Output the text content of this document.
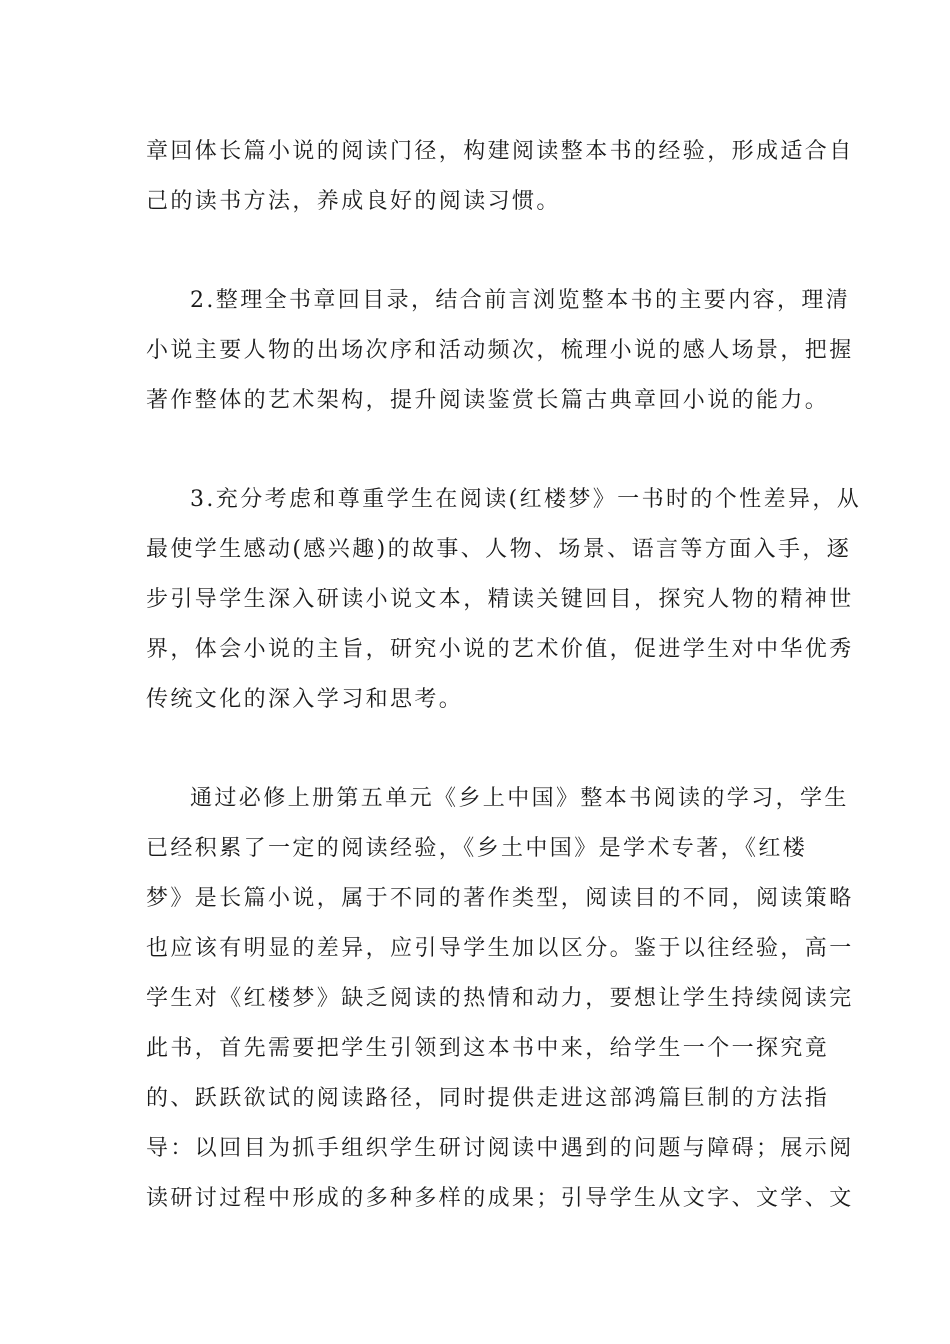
章回体长篇小说的阅读门径，构建阅读整本书的经验，形成适合自
己的读书方法，养成良好的阅读习惯。
2.整理全书章回目录，结合前言浏览整本书的主要内容，理清
小说主要人物的出场次序和活动频次，梳理小说的感人场景，把握
著作整体的艺术架构，提升阅读鉴赏长篇古典章回小说的能力。
3.充分考虑和尊重学生在阅读(红楼梦》一书时的个性差异，从
最使学生感动(感兴趣)的故事、人物、场景、语言等方面入手，逐
步引导学生深入研读小说文本，精读关键回目，探究人物的精神世
界，体会小说的主旨，研究小说的艺术价值，促进学生对中华优秀
传统文化的深入学习和思考。
通过必修上册第五单元《乡上中国》整本书阅读的学习，学生
已经积累了一定的阅读经验，《乡土中国》是学术专著，《红楼
梦》是长篇小说，属于不同的著作类型，阅读目的不同，阅读策略
也应该有明显的差异，应引导学生加以区分。鉴于以往经验，高一
学生对《红楼梦》缺乏阅读的热情和动力，要想让学生持续阅读完
此书，首先需要把学生引领到这本书中来，给学生一个一探究竟
的、跃跃欲试的阅读路径，同时提供走进这部鸿篇巨制的方法指
导：以回目为抓手组织学生研讨阅读中遇到的问题与障碍；展示阅
读研讨过程中形成的多种多样的成果；引导学生从文字、文学、文
